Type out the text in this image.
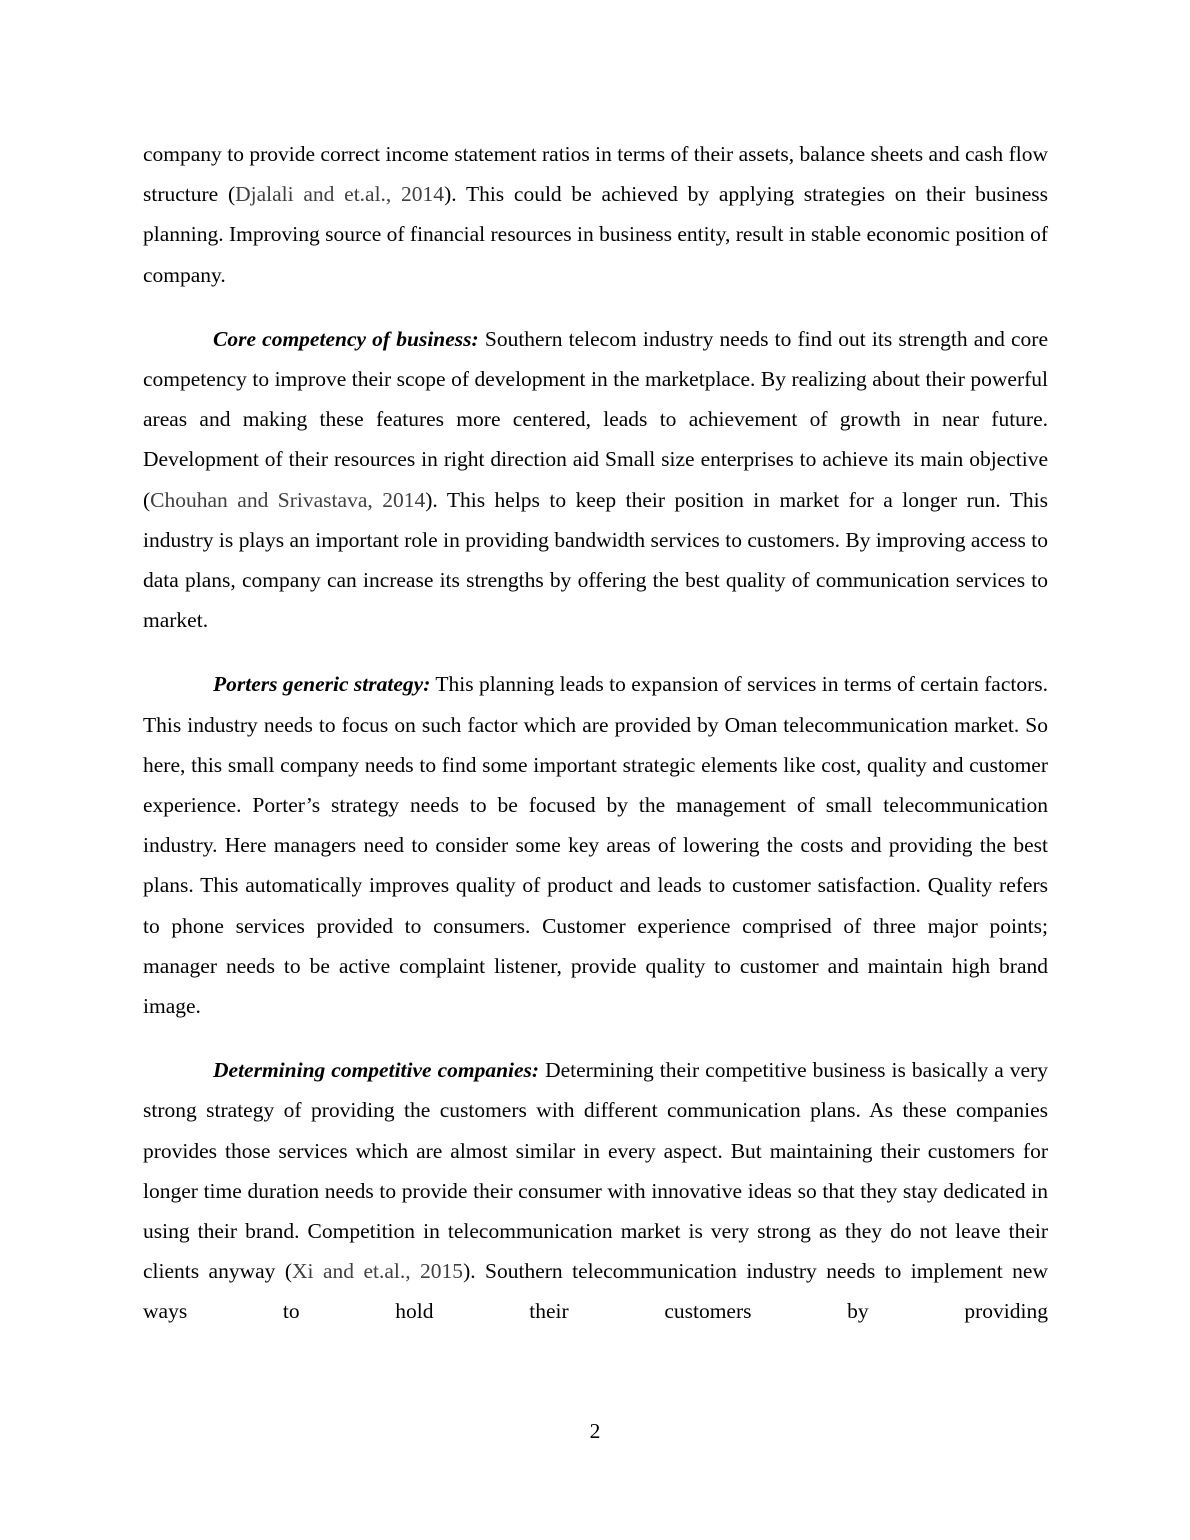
company to provide correct income statement ratios in terms of their assets, balance sheets and cash flow structure (Djalali and et.al., 2014). This could be achieved by applying strategies on their business planning. Improving source of financial resources in business entity, result in stable economic position of company.

Core competency of business: Southern telecom industry needs to find out its strength and core competency to improve their scope of development in the marketplace. By realizing about their powerful areas and making these features more centered, leads to achievement of growth in near future. Development of their resources in right direction aid Small size enterprises to achieve its main objective (Chouhan and Srivastava, 2014). This helps to keep their position in market for a longer run. This industry is plays an important role in providing bandwidth services to customers. By improving access to data plans, company can increase its strengths by offering the best quality of communication services to market.

Porters generic strategy: This planning leads to expansion of services in terms of certain factors. This industry needs to focus on such factor which are provided by Oman telecommunication market. So here, this small company needs to find some important strategic elements like cost, quality and customer experience. Porter’s strategy needs to be focused by the management of small telecommunication industry. Here managers need to consider some key areas of lowering the costs and providing the best plans. This automatically improves quality of product and leads to customer satisfaction. Quality refers to phone services provided to consumers. Customer experience comprised of three major points; manager needs to be active complaint listener, provide quality to customer and maintain high brand image.

Determining competitive companies: Determining their competitive business is basically a very strong strategy of providing the customers with different communication plans. As these companies provides those services which are almost similar in every aspect. But maintaining their customers for longer time duration needs to provide their consumer with innovative ideas so that they stay dedicated in using their brand. Competition in telecommunication market is very strong as they do not leave their clients anyway (Xi and et.al., 2015). Southern telecommunication industry needs to implement new ways to hold their customers by providing

2
